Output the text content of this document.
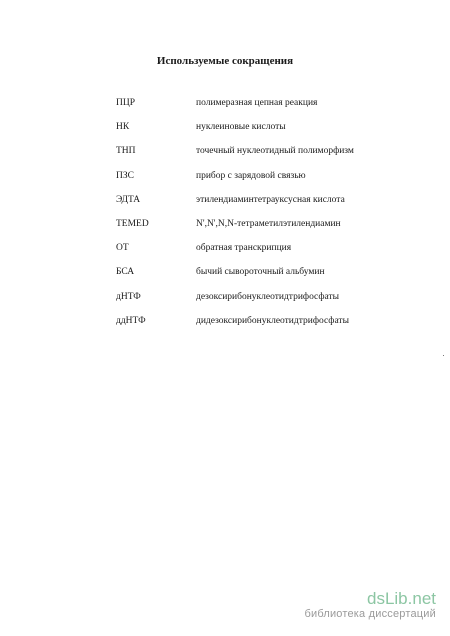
Используемые сокращения
ПЦР	полимеразная цепная реакция
НК	нуклеиновые кислоты
ТНП	точечный нуклеотидный полиморфизм
ПЗС	прибор с зарядовой связью
ЭДТА	этилендиаминтетрауксусная кислота
TEMED	N',N',N,N-тетраметилэтилендиамин
ОТ	обратная транскрипция
БСА	бычий сывороточный альбумин
дНТФ	дезоксирибонуклеотидтрифосфаты
ддНТФ	дидезоксирибонуклеотидтрифосфаты
dsLib.net
библиотека диссертаций
